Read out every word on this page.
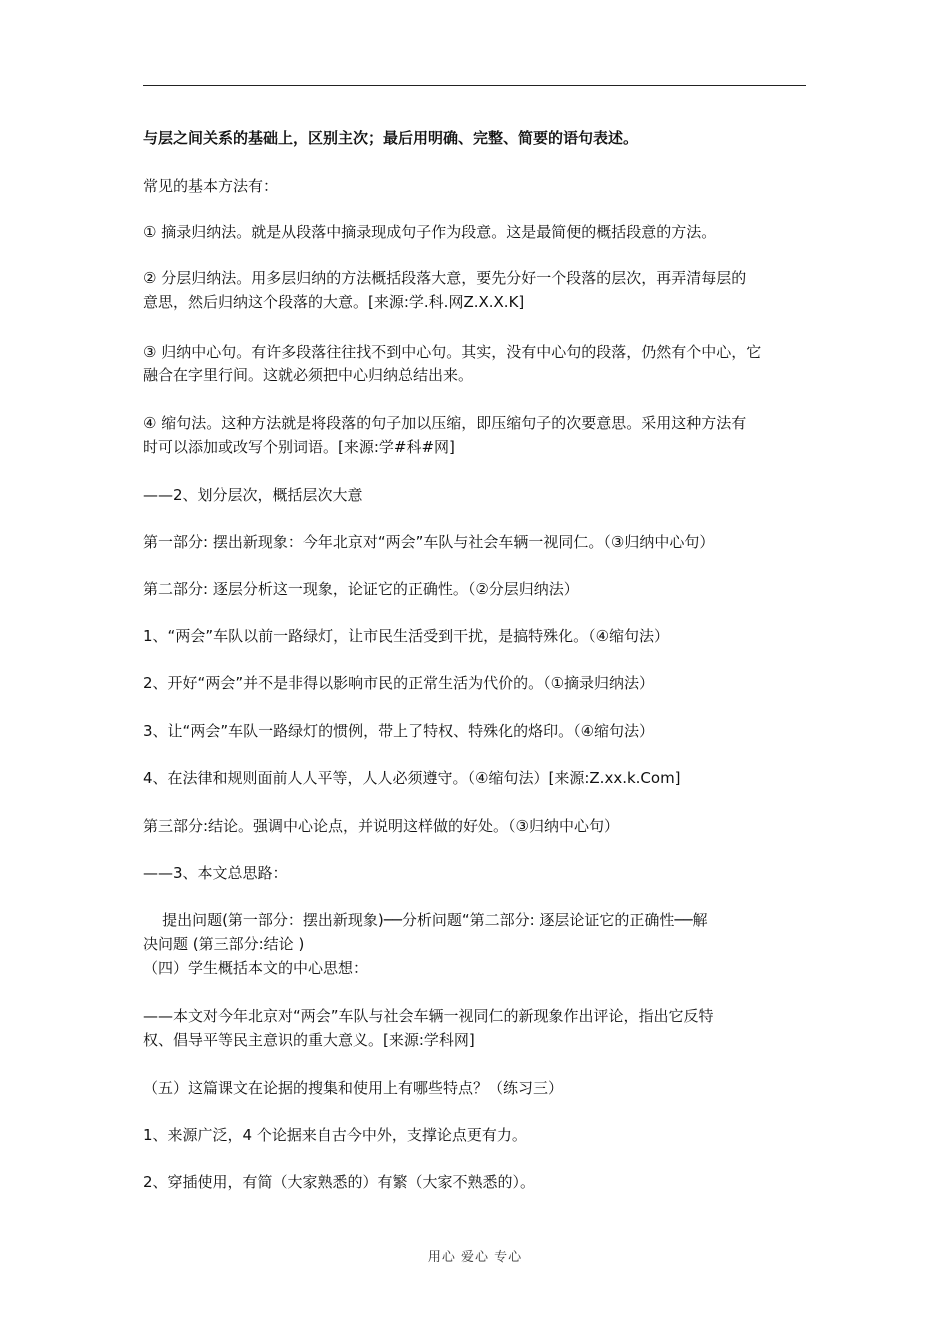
与层之间关系的基础上，区别主次；最后用明确、完整、简要的语句表述。
常见的基本方法有：
① 摘录归纳法。就是从段落中摘录现成句子作为段意。这是最简便的概括段意的方法。
② 分层归纳法。用多层归纳的方法概括段落大意，要先分好一个段落的层次，再弄清每层的
意思，然后归纳这个段落的大意。[来源:学.科.网Z.X.X.K]
③ 归纳中心句。有许多段落往往找不到中心句。其实，没有中心句的段落，仍然有个中心，它
融合在字里行间。这就必须把中心归纳总结出来。
④ 缩句法。这种方法就是将段落的句子加以压缩，即压缩句子的次要意思。采用这种方法有
时可以添加或改写个别词语。[来源:学#科#网]
——2、划分层次，概括层次大意
第一部分: 摆出新现象：今年北京对“两会”车队与社会车辆一视同仁。（③归纳中心句）
第二部分: 逐层分析这一现象，论证它的正确性。（②分层归纳法）
1、“两会”车队以前一路绿灯，让市民生活受到干扰，是搞特殊化。（④缩句法）
2、开好“两会”并不是非得以影响市民的正常生活为代价的。（①摘录归纳法）
3、让“两会”车队一路绿灯的惯例，带上了特权、特殊化的烙印。（④缩句法）
4、在法律和规则面前人人平等，人人必须遵守。（④缩句法）[来源:Z.xx.k.Com]
第三部分:结论。强调中心论点，并说明这样做的好处。（③归纳中心句）
——3、本文总思路：
提出问题(第一部分：摆出新现象)──分析问题“第二部分: 逐层论证它的正确性──解
决问题 (第三部分:结论 )
（四）学生概括本文的中心思想：
——本文对今年北京对“两会”车队与社会车辆一视同仁的新现象作出评论，指出它反特
权、倡导平等民主意识的重大意义。[来源:学科网]
（五）这篇课文在论据的搜集和使用上有哪些特点？（练习三）
1、来源广泛，4 个论据来自古今中外，支撑论点更有力。
2、穿插使用，有简（大家熟悉的）有繁（大家不熟悉的）。
用心 爱心 专心
